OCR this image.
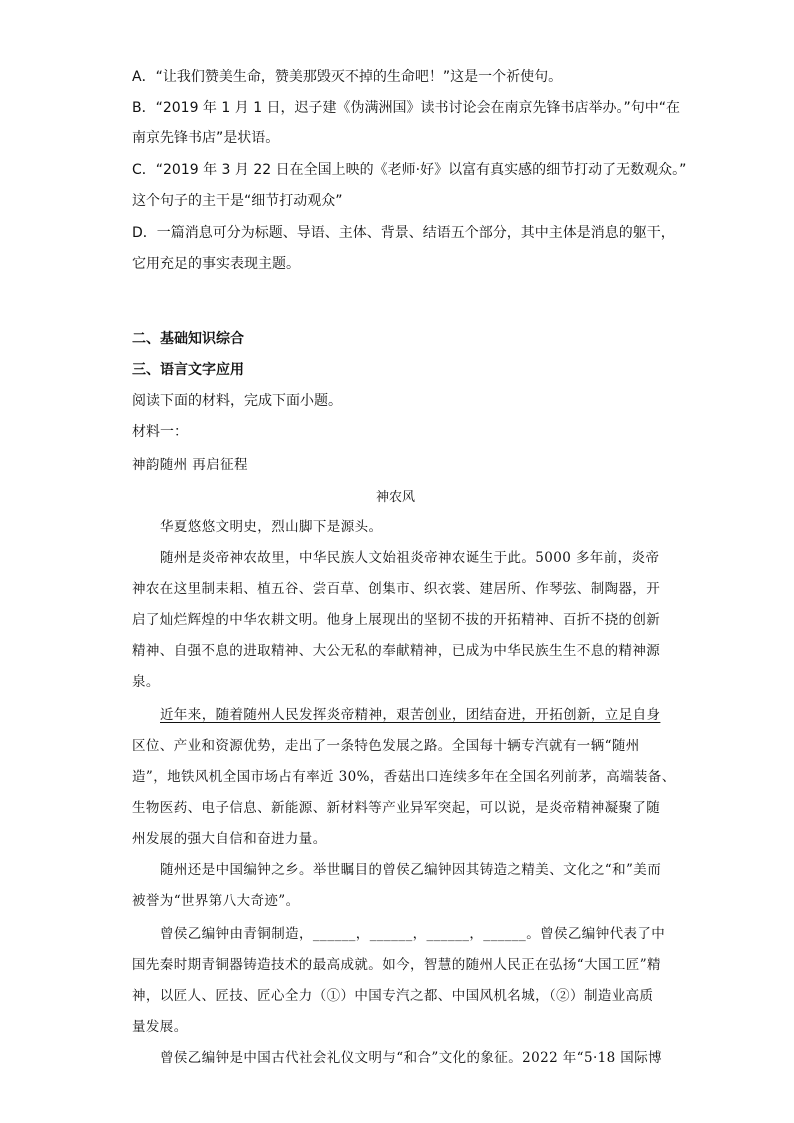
A．“让我们赞美生命，赞美那毁灭不掉的生命吧！”这是一个祈使句。
B．“2019 年 1 月 1 日，迟子建《伪满洲国》读书讨论会在南京先锋书店举办。”句中“在
南京先锋书店”是状语。
C．“2019 年 3 月 22 日在全国上映的《老师·好》以富有真实感的细节打动了无数观众。”
这个句子的主干是“细节打动观众”
D．一篇消息可分为标题、导语、主体、背景、结语五个部分，其中主体是消息的躯干，
它用充足的事实表现主题。
二、基础知识综合
三、语言文字应用
阅读下面的材料，完成下面小题。
材料一：
神韵随州 再启征程
神农风
华夏悠悠文明史，烈山脚下是源头。
随州是炎帝神农故里，中华民族人文始祖炎帝神农诞生于此。5000 多年前，炎帝
神农在这里制耒耜、植五谷、尝百草、创集市、织衣裳、建居所、作琴弦、制陶器，开
启了灿烂辉煌的中华农耕文明。他身上展现出的坚韧不拔的开拓精神、百折不挠的创新
精神、自强不息的进取精神、大公无私的奉献精神，已成为中华民族生生不息的精神源
泉。
近年来，随着随州人民发挥炎帝精神，艰苦创业，团结奋进，开拓创新，立足自身
区位、产业和资源优势，走出了一条特色发展之路。全国每十辆专汽就有一辆“随州
造”，地铁风机全国市场占有率近 30%，香菇出口连续多年在全国名列前茅，高端装备、
生物医药、电子信息、新能源、新材料等产业异军突起，可以说，是炎帝精神凝聚了随
州发展的强大自信和奋进力量。
随州还是中国编钟之乡。举世瞩目的曾侯乙编钟因其铸造之精美、文化之“和”美而
被誉为“世界第八大奇迹”。
曾侯乙编钟由青铜制造，______，______，______，______。曾侯乙编钟代表了中
国先秦时期青铜器铸造技术的最高成就。如今，智慧的随州人民正在弘扬“大国工匠”精
神，以匠人、匠技、匠心全力（①）中国专汽之都、中国风机名城，（②）制造业高质
量发展。
曾侯乙编钟是中国古代社会礼仪文明与“和合”文化的象征。2022 年“5·18 国际博
